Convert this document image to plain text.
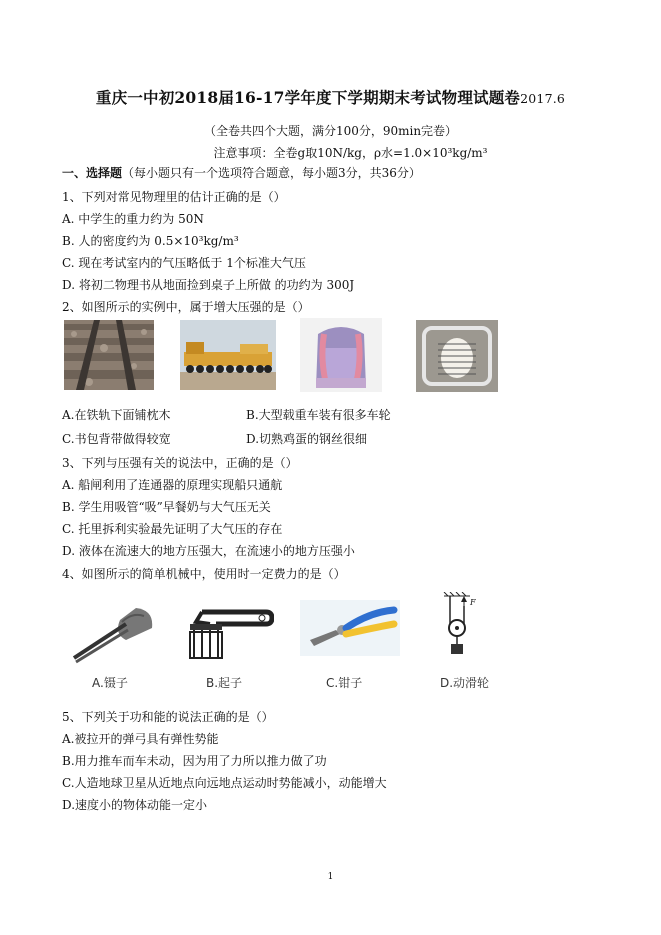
重庆一中初2018届16-17学年度下学期期末考试物理试题卷2017.6
（全卷共四个大题，满分100分，90min完卷）
注意事项：全卷g取10N/kg，ρ水=1.0×10³kg/m³
一、选择题（每小题只有一个选项符合题意，每小题3分，共36分）
1、下列对常见物理里的估计正确的是（）
A. 中学生的重力约为 50N
B. 人的密度约为 0.5×10³kg/m³
C. 现在考试室内的气压略低于 1个标准大气压
D. 将初二物理书从地面捡到桌子上所做 的功约为 300J
2、如图所示的实例中，属于增大压强的是（）
A.在铁轨下面铺枕木	B.大型载重车装有很多车轮
C.书包背带做得较宽	D.切熟鸡蛋的钢丝很细
3、下列与压强有关的说法中，正确的是（）
A. 船闸利用了连通器的原理实现船只通航
B. 学生用吸管“吸”早餐奶与大气压无关
C. 托里拆利实验最先证明了大气压的存在
D. 液体在流速大的地方压强大，在流速小的地方压强小
4、如图所示的简单机械中，使用时一定费力的是（）
F
A.镊子	B.起子	C.钳子	D.动滑轮
5、下列关于功和能的说法正确的是（）
A.被拉开的弹弓具有弹性势能
B.用力推车而车未动，因为用了力所以推力做了功
C.人造地球卫星从近地点向远地点运动时势能减小，动能增大
D.速度小的物体动能一定小
1
